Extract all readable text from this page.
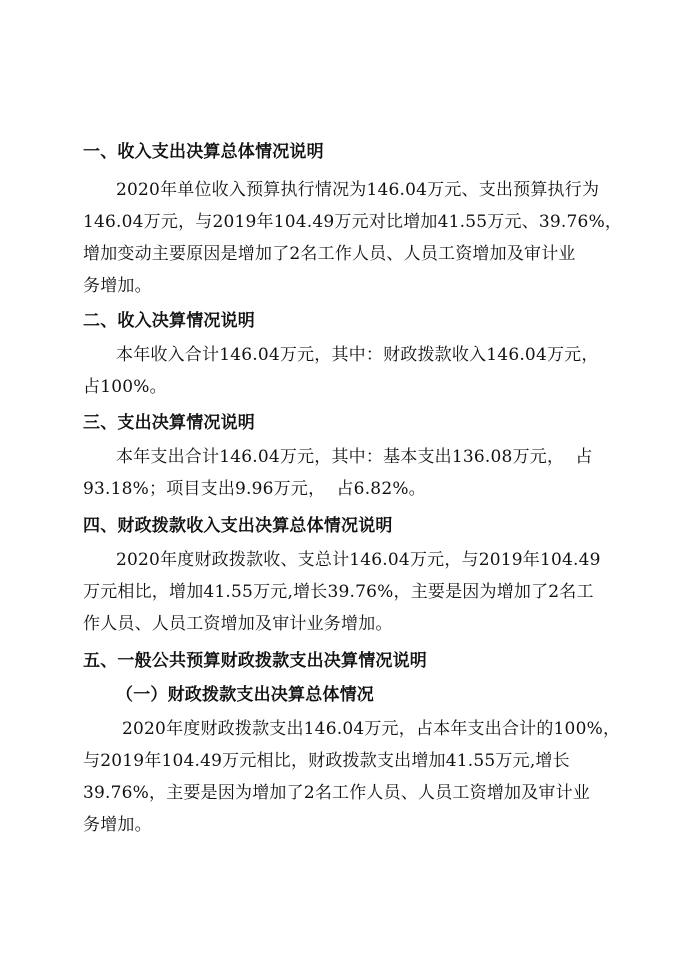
一、收入支出决算总体情况说明
2020年单位收入预算执行情况为146.04万元、支出预算执行为
146.04万元，与2019年104.49万元对比增加41.55万元、39.76%，
增加变动主要原因是增加了2名工作人员、人员工资增加及审计业
务增加。
二、收入决算情况说明
本年收入合计146.04万元，其中：财政拨款收入146.04万元，
占100%。
三、支出决算情况说明
本年支出合计146.04万元，其中：基本支出136.08万元，  占
93.18%；项目支出9.96万元，  占6.82%。
四、财政拨款收入支出决算总体情况说明
2020年度财政拨款收、支总计146.04万元，与2019年104.49
万元相比，增加41.55万元,增长39.76%，主要是因为增加了2名工
作人员、人员工资增加及审计业务增加。
五、一般公共预算财政拨款支出决算情况说明
（一）财政拨款支出决算总体情况
2020年度财政拨款支出146.04万元，占本年支出合计的100%，
与2019年104.49万元相比，财政拨款支出增加41.55万元,增长
39.76%，主要是因为增加了2名工作人员、人员工资增加及审计业
务增加。
